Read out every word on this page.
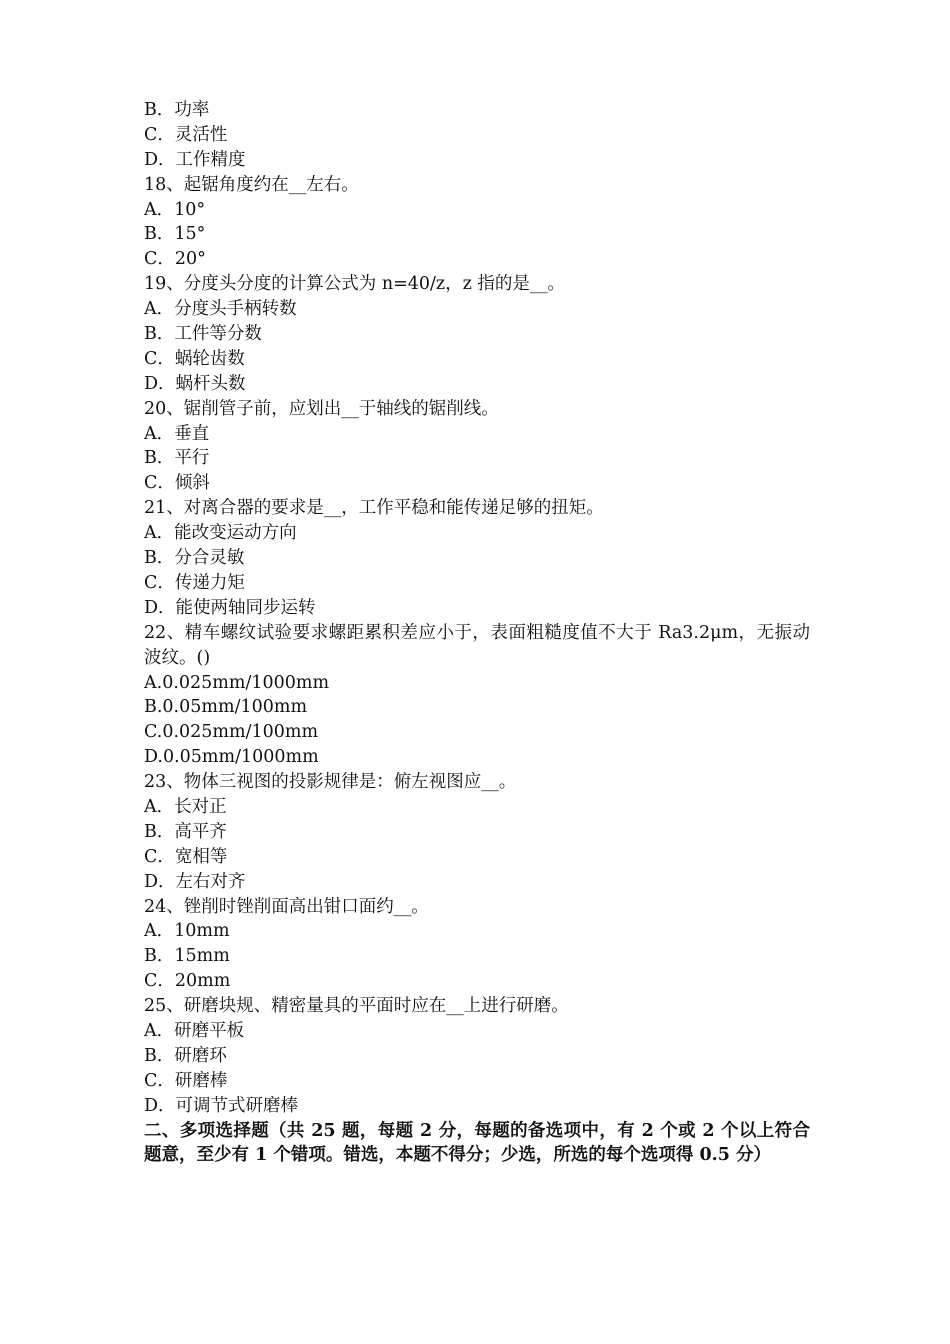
B．功率
C．灵活性
D．工作精度
18、起锯角度约在__左右。
A．10°
B．15°
C．20°
19、分度头分度的计算公式为 n=40/z，z 指的是__。
A．分度头手柄转数
B．工件等分数
C．蜗轮齿数
D．蜗杆头数
20、锯削管子前，应划出__于轴线的锯削线。
A．垂直
B．平行
C．倾斜
21、对离合器的要求是__，工作平稳和能传递足够的扭矩。
A．能改变运动方向
B．分合灵敏
C．传递力矩
D．能使两轴同步运转
22、精车螺纹试验要求螺距累积差应小于，表面粗糙度值不大于 Ra3.2μm，无振动波纹。()
A.0.025mm/1000mm
B.0.05mm/100mm
C.0.025mm/100mm
D.0.05mm/1000mm
23、物体三视图的投影规律是：俯左视图应__。
A．长对正
B．高平齐
C．宽相等
D．左右对齐
24、锉削时锉削面高出钳口面约__。
A．10mm
B．15mm
C．20mm
25、研磨块规、精密量具的平面时应在__上进行研磨。
A．研磨平板
B．研磨环
C．研磨棒
D．可调节式研磨棒
二、多项选择题（共 25 题，每题 2 分，每题的备选项中，有 2 个或 2 个以上符合题意，至少有 1 个错项。错选，本题不得分；少选，所选的每个选项得 0.5 分）
